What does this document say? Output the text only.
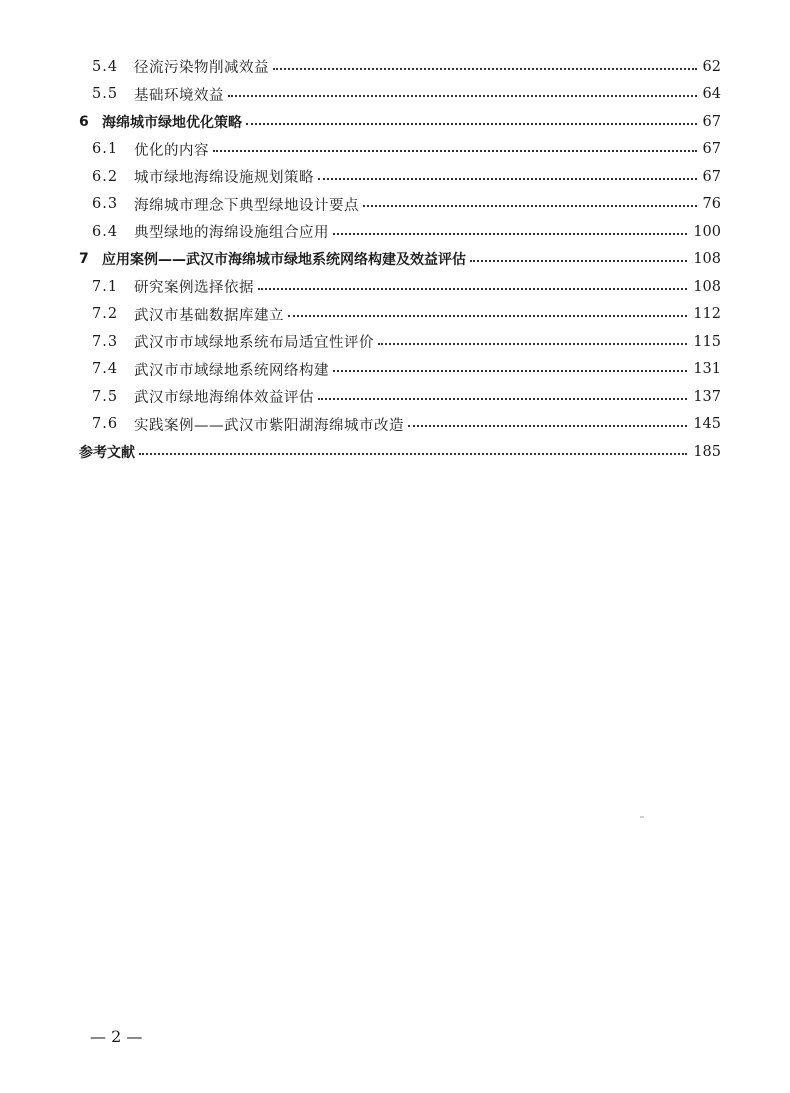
5.4	径流污染物削减效益	62
5.5	基础环境效益	64
6 海绵城市绿地优化策略	67
6.1	优化的内容	67
6.2	城市绿地海绵设施规划策略	67
6.3	海绵城市理念下典型绿地设计要点	76
6.4	典型绿地的海绵设施组合应用	100
7 应用案例——武汉市海绵城市绿地系统网络构建及效益评估	108
7.1	研究案例选择依据	108
7.2	武汉市基础数据库建立	112
7.3	武汉市市域绿地系统布局适宜性评价	115
7.4	武汉市市域绿地系统网络构建	131
7.5	武汉市绿地海绵体效益评估	137
7.6	实践案例——武汉市紫阳湖海绵城市改造	145
参考文献	185
— 2 —
